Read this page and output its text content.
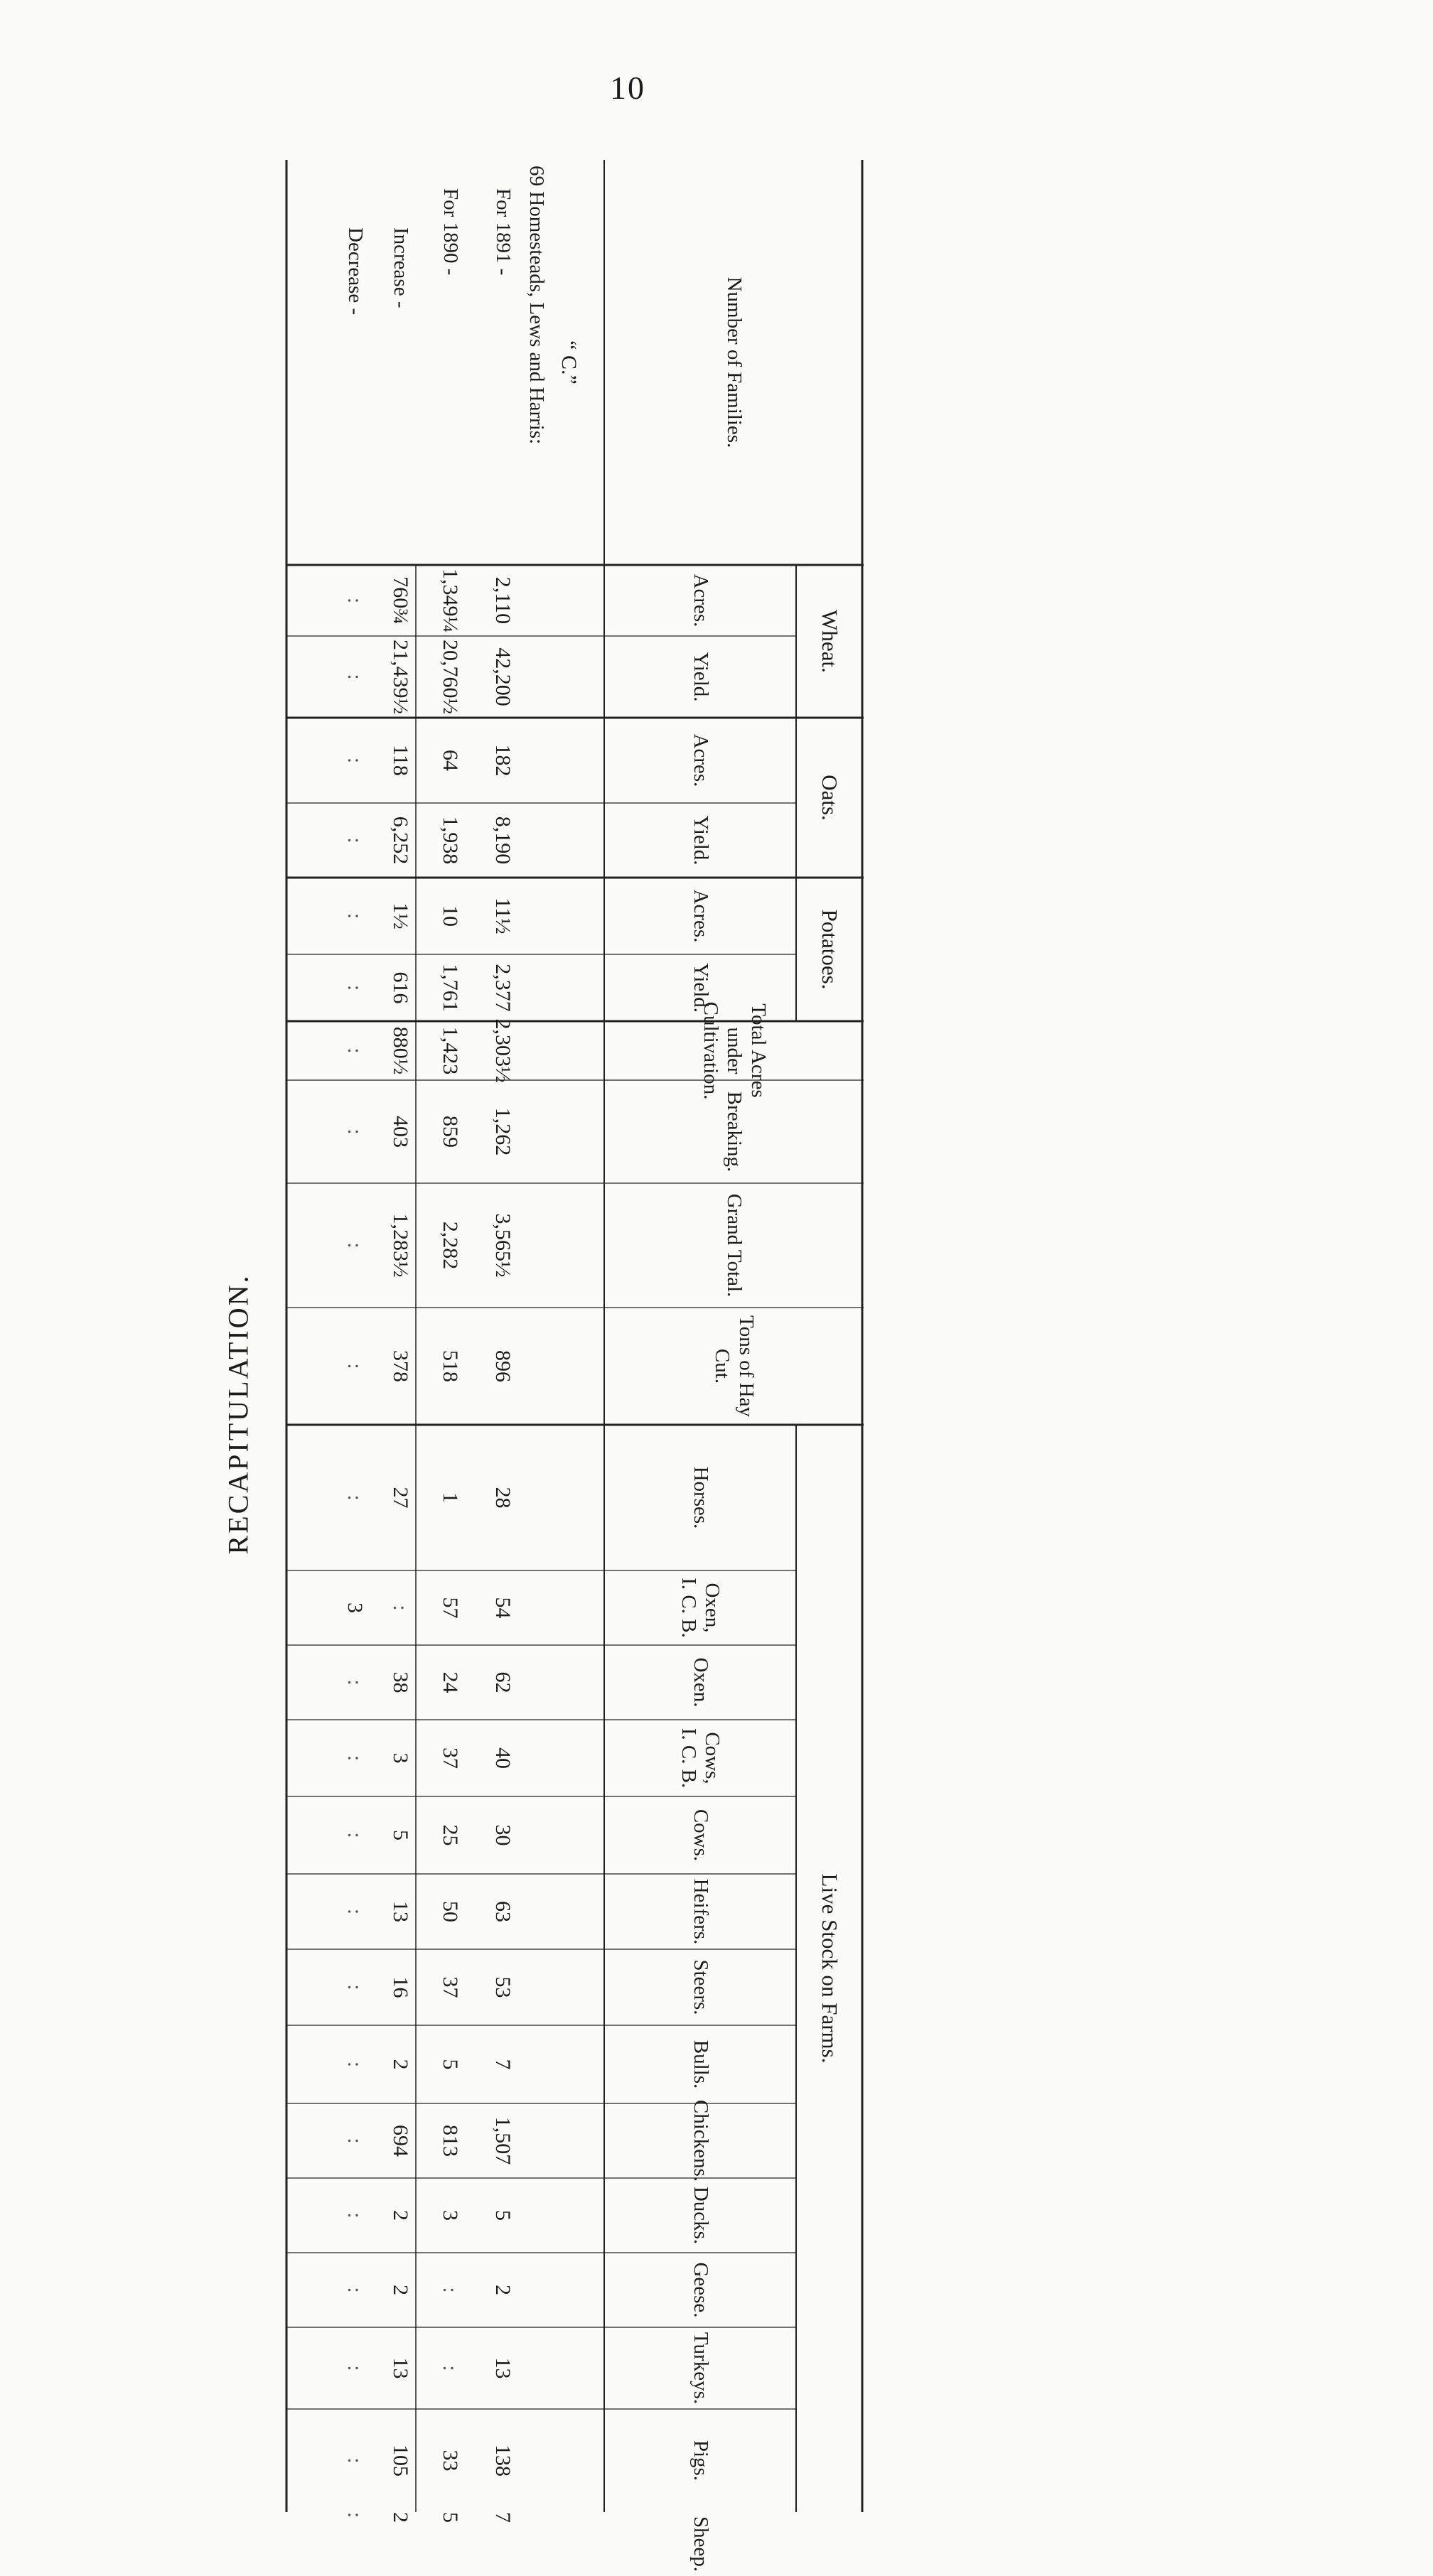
10
RECAPITULATION.
Number of Families.
Wheat.
Oats.
Potatoes.
Live Stock on Farms.
“ C.”
69 Homesteads, Lews and Harris:
Acres.
Yield.
Acres.
Yield.
Acres.
Yield.
Total Acres under Cultivation.
Breaking.
Grand Total.
Tons of Hay Cut.
Horses.
Oxen, I. C. B.
Oxen.
Cows, I. C. B.
Cows.
Heifers.
Steers.
Bulls.
Chickens.
Ducks.
Geese.
Turkeys.
Pigs.
Sheep.
For 1891 -
2,110
42,200
182
8,190
11½
2,377
2,303½
1,262
3,565½
896
28
54
62
40
30
63
53
7
1,507
5
2
13
138
7
For 1890 -
1,349¼
20,760½
64
1,938
10
1,761
1,423
859
2,282
518
1
57
24
37
25
50
37
5
813
3
:
:
33
5
Increase -
760¾
21,439½
118
6,252
1½
616
880½
403
1,283½
378
27
:
38
3
5
13
16
2
694
2
2
13
105
2
Decrease -
:
:
:
:
:
:
:
:
:
:
:
3
:
:
:
:
:
:
:
:
:
:
:
:
